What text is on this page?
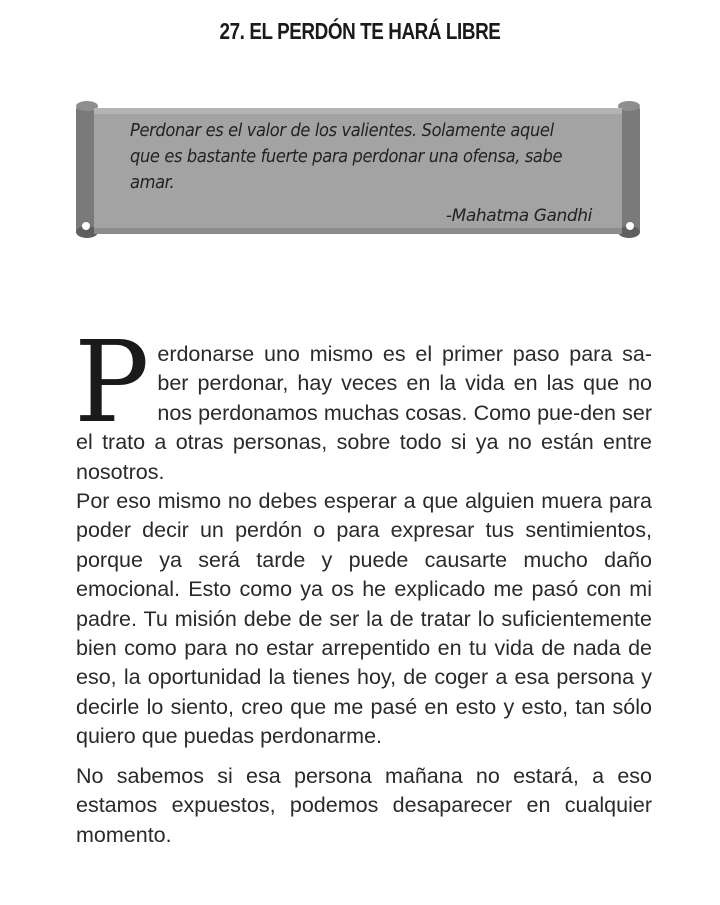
27. EL PERDÓN TE HARÁ LIBRE
Perdonar es el valor de los valientes. Solamente aquel que es bastante fuerte para perdonar una ofensa, sabe amar.
-Mahatma Gandhi

Perdonarse uno mismo es el primer paso para sa-ber perdonar, hay veces en la vida en las que no nos perdonamos muchas cosas. Como pue-den ser el trato a otras personas, sobre todo si ya no están entre nosotros.

Por eso mismo no debes esperar a que alguien muera para poder decir un perdón o para expresar tus sentimientos, porque ya será tarde y puede causarte mucho daño emocional. Esto como ya os he explicado me pasó con mi padre. Tu misión debe de ser la de tratar lo suficientemente bien como para no estar arrepentido en tu vida de nada de eso, la oportunidad la tienes hoy, de coger a esa persona y decirle lo siento, creo que me pasé en esto y esto, tan sólo quiero que puedas perdonarme.

No sabemos si esa persona mañana no estará, a eso estamos expuestos, podemos desaparecer en cualquier momento.
